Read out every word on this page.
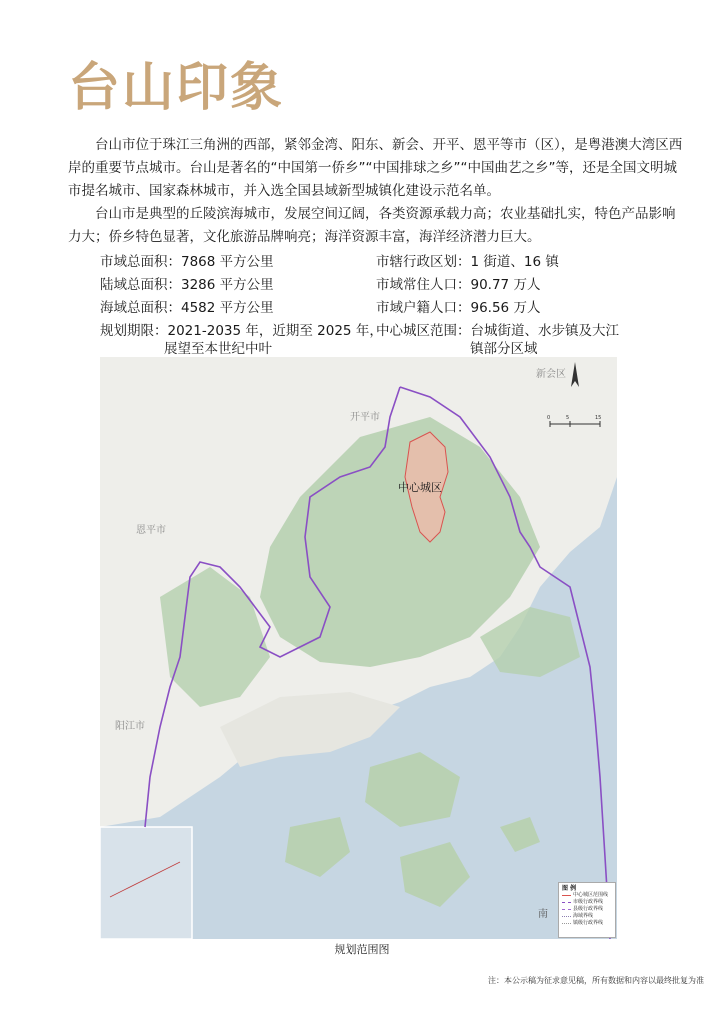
台山印象

台山市位于珠江三角洲的西部，紧邻金湾、阳东、新会、开平、恩平等市（区），是粤港澳大湾区西岸的重要节点城市。台山是著名的“中国第一侨乡”“中国排球之乡”“中国曲艺之乡”等，还是全国文明城市提名城市、国家森林城市，并入选全国县域新型城镇化建设示范名单。

台山市是典型的丘陵滨海城市，发展空间辽阔，各类资源承载力高；农业基础扎实，特色产品影响力大；侨乡特色显著，文化旅游品牌响亮；海洋资源丰富，海洋经济潜力巨大。

市域总面积：7868 平方公里
陆域总面积：3286 平方公里
海域总面积：4582 平方公里
规划期限：2021-2035 年，近期至 2025 年，
展望至本世纪中叶
市辖行政区划：1 街道、16 镇
市域常住人口：90.77 万人
市域户籍人口：96.56 万人
中心城区范围：台城街道、水步镇及大江
镇部分区域
0	5	15
新会区
开平市
恩平市
阳江市
中心城区
南
图 例
中心城区范围线
市级行政界线
县级行政界线
海域界线
镇级行政界线
规划范围图
注：本公示稿为征求意见稿，所有数据和内容以最终批复为准
